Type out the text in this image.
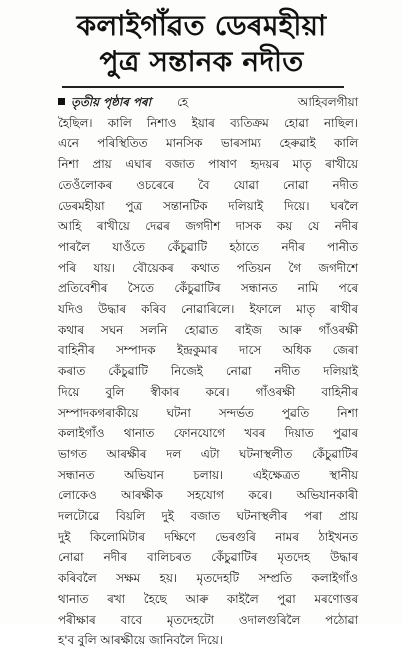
কলাইগাঁৱত ডেৰমহীয়া
পুত্ৰ সন্তানক নদীত
তৃতীয় পৃষ্ঠাৰ পৰা হে আহিবলগীয়া
হৈছিল। কালি নিশাও ইয়াৰ ব্যতিক্ৰম হোৱা নাছিল।
এনে পৰিস্থিতিত মানসিক ভাৰসাম্য হেৰুৱাই কালি
নিশা প্ৰায় এঘাৰ বজাত পাষাণ হৃদয়ৰ মাতৃ ৰাখীয়ে
তেওঁলোকৰ ওচৰেৰে বৈ যোৱা নোৱা নদীত
ডেৰমহীয়া পুত্ৰ সন্তানটিক দলিয়াই দিয়ে। ঘৰলৈ
আহি ৰাখীয়ে দেৱৰ জগদীশ দাসক কয় যে নদীৰ
পাৰলৈ যাওঁতে কেঁচুৱাটি হঠাতে নদীৰ পানীত
পৰি যায়। বৌয়েকৰ কথাত পতিয়ন গৈ জগদীশে
প্ৰতিবেশীৰ সৈতে কেঁচুৱাটিৰ সন্ধানত নামি পৰে
যদিও উদ্ধাৰ কৰিব নোৱাৰিলে। ইফালে মাতৃ ৰাখীৰ
কথাৰ সঘন সলনি হোৱাত ৰাইজ আৰু গাঁওৰক্ষী
বাহিনীৰ সম্পাদক ইন্দ্ৰকুমাৰ দাসে অধিক জেৰা
কৰাত কেঁচুৱাটি নিজেই নোৱা নদীত দলিয়াই
দিয়ে বুলি স্বীকাৰ কৰে। গাঁওৰক্ষী বাহিনীৰ
সম্পাদকগৰাকীয়ে ঘটনা সন্দৰ্ভত পুৱতি নিশা
কলাইগাঁও থানাত ফোনযোগে খবৰ দিয়াত পুৱাৰ
ভাগত আৰক্ষীৰ দল এটা ঘটনাস্থলীত কেঁচুৱাটিৰ
সন্ধানত অভিযান চলায়। এইক্ষেত্ৰত স্থানীয়
লোকেও আৰক্ষীক সহযোগ কৰে। অভিযানকাৰী
দলটোৱে বিয়লি দুই বজাত ঘটনাস্থলীৰ পৰা প্ৰায়
দুই কিলোমিটাৰ দক্ষিণে ভেৰগুৰি নামৰ ঠাইখনত
নোৱা নদীৰ বালিচৰত কেঁচুৱাটিৰ মৃতদেহ উদ্ধাৰ
কৰিবলৈ সক্ষম হয়। মৃতদেহটি সম্প্ৰতি কলাইগাঁও
থানাত ৰখা হৈছে আৰু কাইলৈ পুৱা মৰণোত্তৰ
পৰীক্ষাৰ বাবে মৃতদেহটো ওদালগুৰিলৈ পঠোৱা
হ'ব বুলি আৰক্ষীয়ে জানিবলৈ দিয়ে।
